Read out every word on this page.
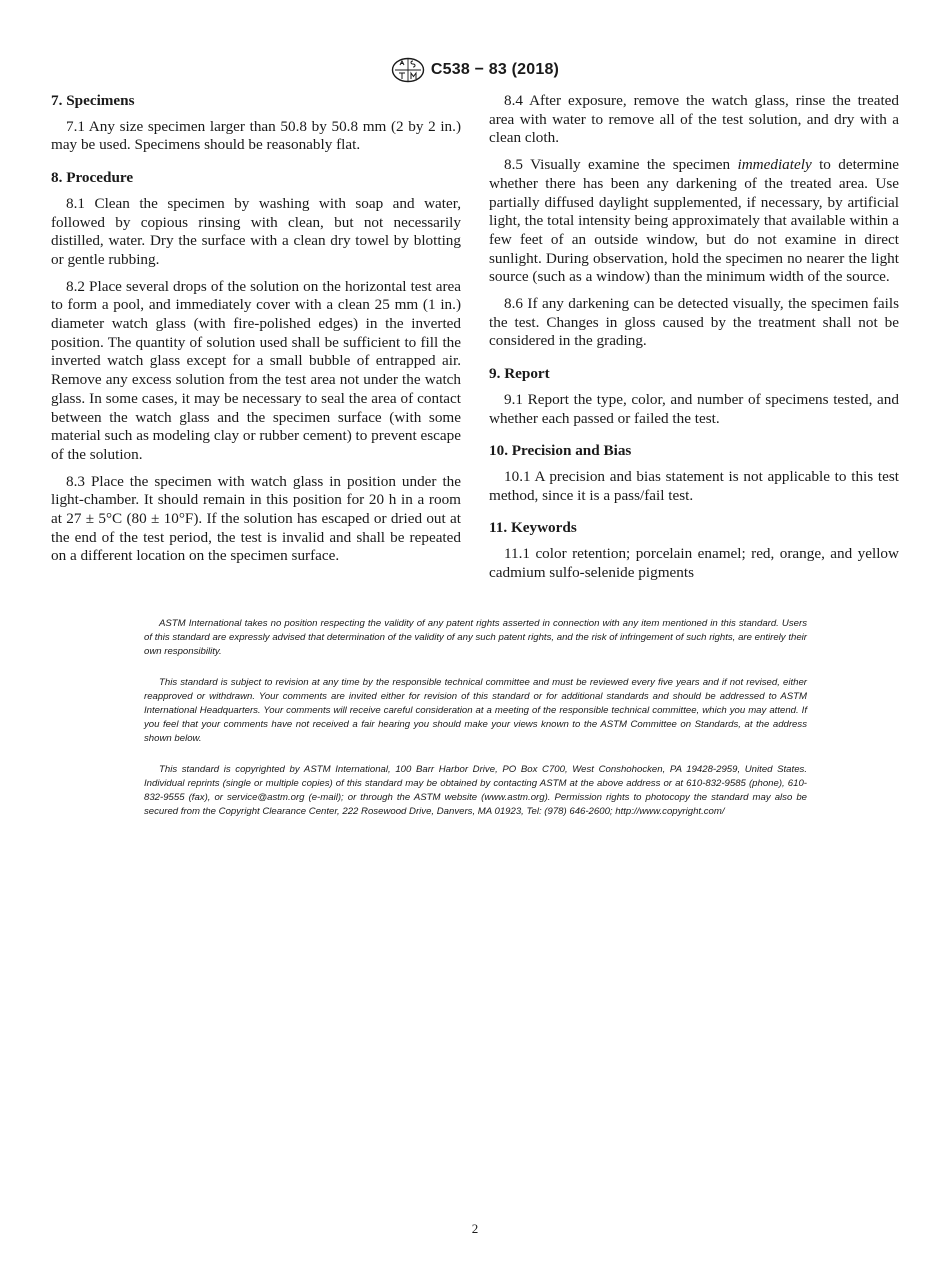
C538 − 83 (2018)
7. Specimens

7.1 Any size specimen larger than 50.8 by 50.8 mm (2 by 2 in.) may be used. Specimens should be reasonably flat.

8. Procedure

8.1 Clean the specimen by washing with soap and water, followed by copious rinsing with clean, but not necessarily distilled, water. Dry the surface with a clean dry towel by blotting or gentle rubbing.

8.2 Place several drops of the solution on the horizontal test area to form a pool, and immediately cover with a clean 25 mm (1 in.) diameter watch glass (with fire-polished edges) in the inverted position. The quantity of solution used shall be sufficient to fill the inverted watch glass except for a small bubble of entrapped air. Remove any excess solution from the test area not under the watch glass. In some cases, it may be necessary to seal the area of contact between the watch glass and the specimen surface (with some material such as modeling clay or rubber cement) to prevent escape of the solution.

8.3 Place the specimen with watch glass in position under the light-chamber. It should remain in this position for 20 h in a room at 27 ± 5°C (80 ± 10°F). If the solution has escaped or dried out at the end of the test period, the test is invalid and shall be repeated on a different location on the specimen surface.

8.4 After exposure, remove the watch glass, rinse the treated area with water to remove all of the test solution, and dry with a clean cloth.

8.5 Visually examine the specimen immediately to determine whether there has been any darkening of the treated area. Use partially diffused daylight supplemented, if necessary, by artificial light, the total intensity being approximately that available within a few feet of an outside window, but do not examine in direct sunlight. During observation, hold the specimen no nearer the light source (such as a window) than the minimum width of the source.

8.6 If any darkening can be detected visually, the specimen fails the test. Changes in gloss caused by the treatment shall not be considered in the grading.

9. Report

9.1 Report the type, color, and number of specimens tested, and whether each passed or failed the test.

10. Precision and Bias

10.1 A precision and bias statement is not applicable to this test method, since it is a pass/fail test.

11. Keywords

11.1 color retention; porcelain enamel; red, orange, and yellow cadmium sulfo-selenide pigments

ASTM International takes no position respecting the validity of any patent rights asserted in connection with any item mentioned in this standard. Users of this standard are expressly advised that determination of the validity of any such patent rights, and the risk of infringement of such rights, are entirely their own responsibility.

This standard is subject to revision at any time by the responsible technical committee and must be reviewed every five years and if not revised, either reapproved or withdrawn. Your comments are invited either for revision of this standard or for additional standards and should be addressed to ASTM International Headquarters. Your comments will receive careful consideration at a meeting of the responsible technical committee, which you may attend. If you feel that your comments have not received a fair hearing you should make your views known to the ASTM Committee on Standards, at the address shown below.

This standard is copyrighted by ASTM International, 100 Barr Harbor Drive, PO Box C700, West Conshohocken, PA 19428-2959, United States. Individual reprints (single or multiple copies) of this standard may be obtained by contacting ASTM at the above address or at 610-832-9585 (phone), 610-832-9555 (fax), or service@astm.org (e-mail); or through the ASTM website (www.astm.org). Permission rights to photocopy the standard may also be secured from the Copyright Clearance Center, 222 Rosewood Drive, Danvers, MA 01923, Tel: (978) 646-2600; http://www.copyright.com/

2
